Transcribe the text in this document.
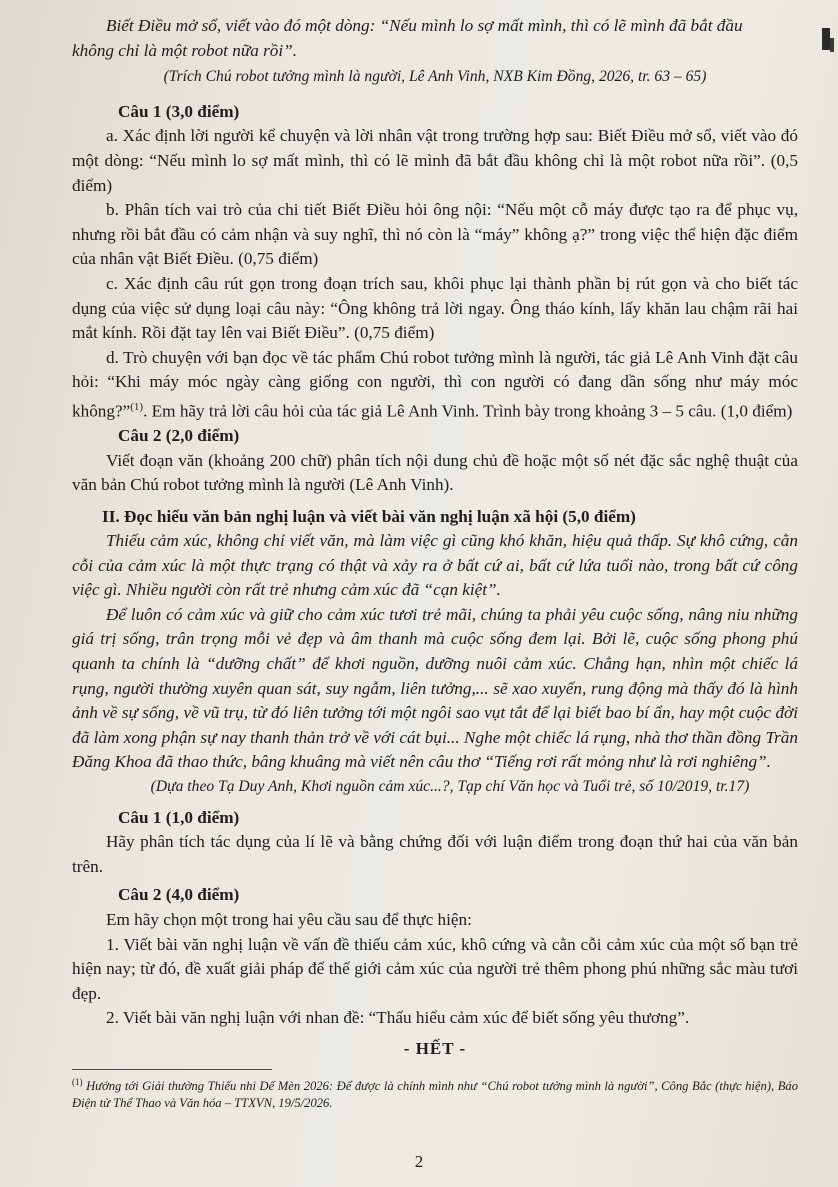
Biết Điều mở sổ, viết vào đó một dòng: “Nếu mình lo sợ mất mình, thì có lẽ mình đã bắt đầu

không chỉ là một robot nữa rồi”.

(Trích Chú robot tưởng mình là người, Lê Anh Vinh, NXB Kim Đồng, 2026, tr. 63 – 65)

Câu 1 (3,0 điểm)

a. Xác định lời người kể chuyện và lời nhân vật trong trường hợp sau: Biết Điều mở sổ, viết vào đó một dòng: “Nếu mình lo sợ mất mình, thì có lẽ mình đã bắt đầu không chỉ là một robot nữa rồi”. (0,5 điểm)

b. Phân tích vai trò của chi tiết Biết Điều hỏi ông nội: “Nếu một cỗ máy được tạo ra để phục vụ, nhưng rồi bắt đầu có cảm nhận và suy nghĩ, thì nó còn là “máy” không ạ?” trong việc thể hiện đặc điểm của nhân vật Biết Điều. (0,75 điểm)

c. Xác định câu rút gọn trong đoạn trích sau, khôi phục lại thành phần bị rút gọn và cho biết tác dụng của việc sử dụng loại câu này: “Ông không trả lời ngay. Ông tháo kính, lấy khăn lau chậm rãi hai mắt kính. Rồi đặt tay lên vai Biết Điều”. (0,75 điểm)

d. Trò chuyện với bạn đọc về tác phẩm Chú robot tưởng mình là người, tác giả Lê Anh Vinh đặt câu hỏi: “Khi máy móc ngày càng giống con người, thì con người có đang dần sống như máy móc không?”$^{(1)}$. Em hãy trả lời câu hỏi của tác giả Lê Anh Vinh. Trình bày trong khoảng 3 – 5 câu. (1,0 điểm)

Câu 2 (2,0 điểm)

Viết đoạn văn (khoảng 200 chữ) phân tích nội dung chủ đề hoặc một số nét đặc sắc nghệ thuật của văn bản Chú robot tưởng mình là người (Lê Anh Vinh).

II. Đọc hiểu văn bản nghị luận và viết bài văn nghị luận xã hội (5,0 điểm)

Thiếu cảm xúc, không chỉ viết văn, mà làm việc gì cũng khó khăn, hiệu quả thấp. Sự khô cứng, cằn cỗi của cảm xúc là một thực trạng có thật và xảy ra ở bất cứ ai, bất cứ lứa tuổi nào, trong bất cứ công việc gì. Nhiều người còn rất trẻ nhưng cảm xúc đã “cạn kiệt”.

Để luôn có cảm xúc và giữ cho cảm xúc tươi trẻ mãi, chúng ta phải yêu cuộc sống, nâng niu những giá trị sống, trân trọng mỗi vẻ đẹp và âm thanh mà cuộc sống đem lại. Bởi lẽ, cuộc sống phong phú quanh ta chính là “dưỡng chất” để khơi nguồn, dưỡng nuôi cảm xúc. Chẳng hạn, nhìn một chiếc lá rụng, người thường xuyên quan sát, suy ngẫm, liên tưởng,... sẽ xao xuyến, rung động mà thấy đó là hình ảnh về sự sống, về vũ trụ, từ đó liên tưởng tới một ngôi sao vụt tắt để lại biết bao bí ẩn, hay một cuộc đời đã làm xong phận sự nay thanh thản trở về với cát bụi... Nghe một chiếc lá rụng, nhà thơ thần đồng Trần Đăng Khoa đã thao thức, bâng khuâng mà viết nên câu thơ “Tiếng rơi rất mỏng như là rơi nghiêng”.

(Dựa theo Tạ Duy Anh, Khơi nguồn cảm xúc...?, Tạp chí Văn học và Tuổi trẻ, số 10/2019, tr.17)

Câu 1 (1,0 điểm)

Hãy phân tích tác dụng của lí lẽ và bằng chứng đối với luận điểm trong đoạn thứ hai của văn bản trên.

Câu 2 (4,0 điểm)

Em hãy chọn một trong hai yêu cầu sau để thực hiện:

1. Viết bài văn nghị luận về vấn đề thiếu cảm xúc, khô cứng và cằn cỗi cảm xúc của một số bạn trẻ hiện nay; từ đó, đề xuất giải pháp để thế giới cảm xúc của người trẻ thêm phong phú những sắc màu tươi đẹp.

2. Viết bài văn nghị luận với nhan đề: “Thấu hiểu cảm xúc để biết sống yêu thương”.

- HẾT -

$^{(1)}$ Hướng tới Giải thưởng Thiếu nhi Dế Mèn 2026: Để được là chính mình như “Chú robot tưởng mình là người”, Công Bắc (thực hiện), Báo Điện tử Thể Thao và Văn hóa – TTXVN, 19/5/2026.

2
